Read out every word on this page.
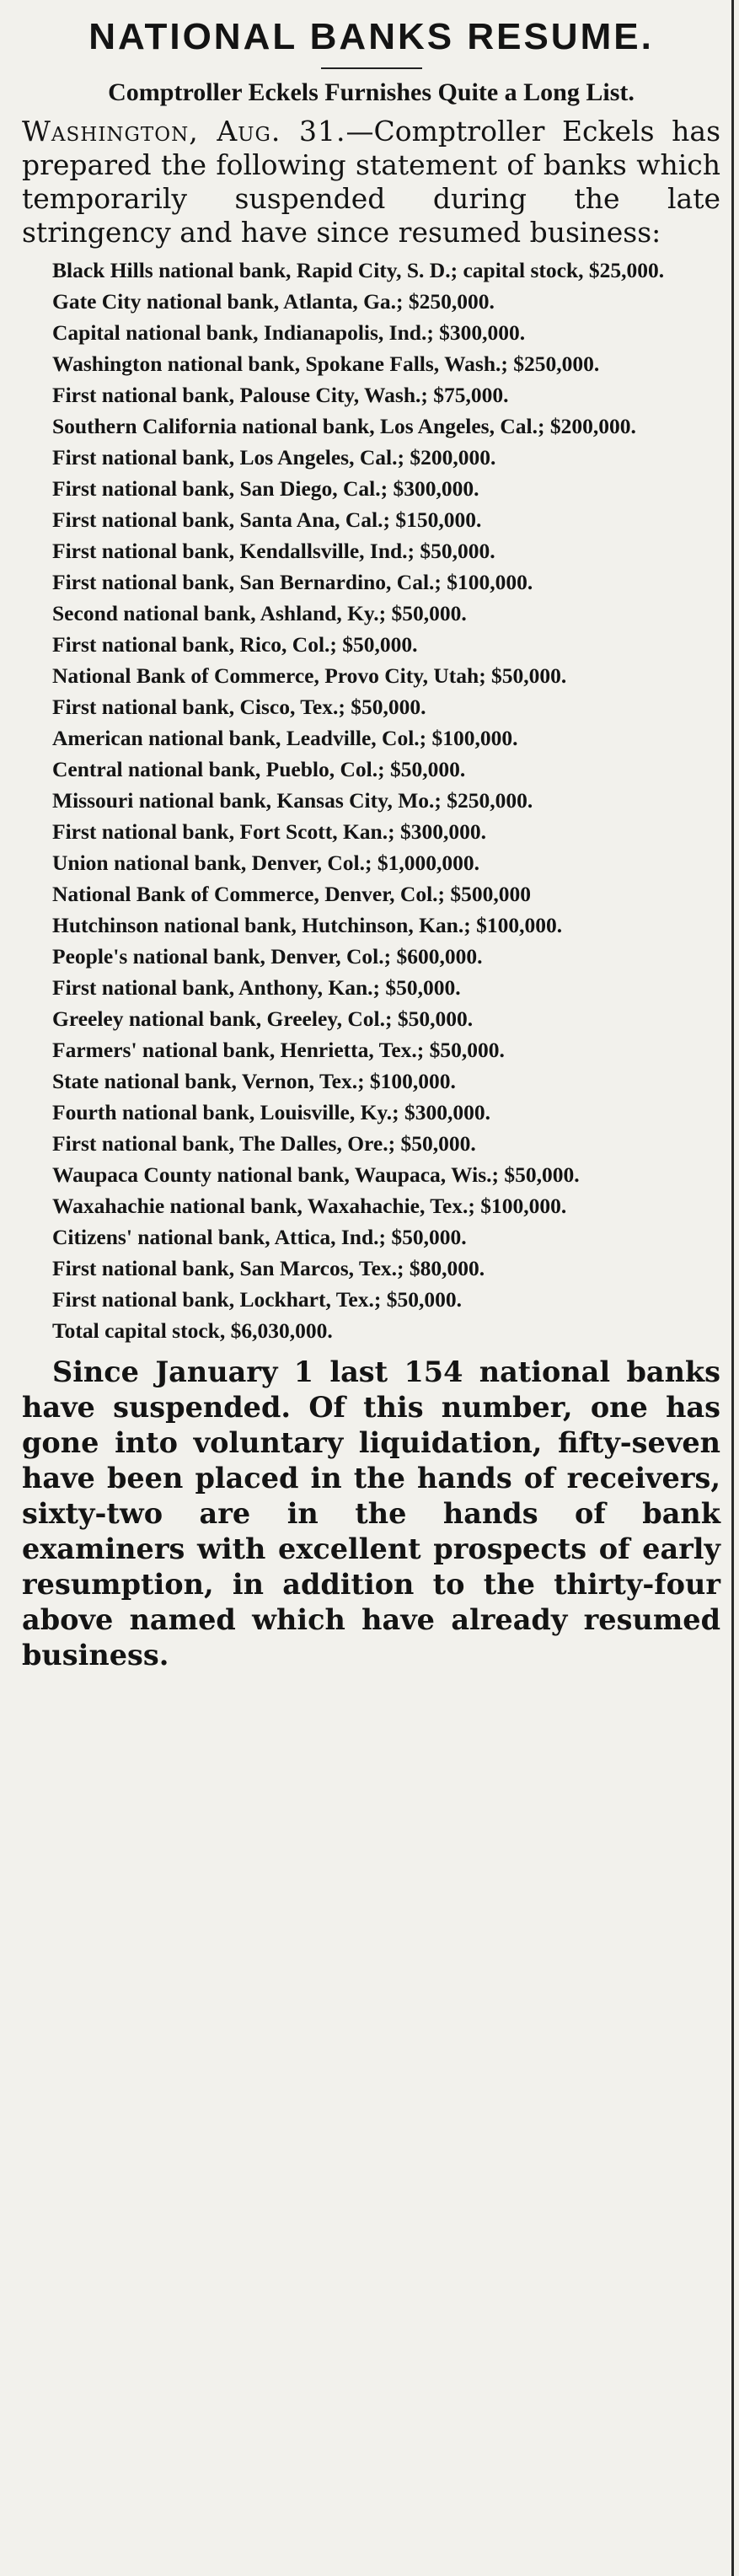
NATIONAL BANKS RESUME.

Comptroller Eckels Furnishes Quite a Long List.

Washington, Aug. 31.—Comptroller Eckels has prepared the following statement of banks which temporarily suspended during the late stringency and have since resumed business:

Black Hills national bank, Rapid City, S. D.; capital stock, $25,000.

Gate City national bank, Atlanta, Ga.; $250,000.

Capital national bank, Indianapolis, Ind.; $300,000.

Washington national bank, Spokane Falls, Wash.; $250,000.

First national bank, Palouse City, Wash.; $75,000.

Southern California national bank, Los Angeles, Cal.; $200,000.

First national bank, Los Angeles, Cal.; $200,000.

First national bank, San Diego, Cal.; $300,000.

First national bank, Santa Ana, Cal.; $150,000.

First national bank, Kendallsville, Ind.; $50,000.

First national bank, San Bernardino, Cal.; $100,000.

Second national bank, Ashland, Ky.; $50,000.

First national bank, Rico, Col.; $50,000.

National Bank of Commerce, Provo City, Utah; $50,000.

First national bank, Cisco, Tex.; $50,000.

American national bank, Leadville, Col.; $100,000.

Central national bank, Pueblo, Col.; $50,000.

Missouri national bank, Kansas City, Mo.; $250,000.

First national bank, Fort Scott, Kan.; $300,000.

Union national bank, Denver, Col.; $1,000,000.

National Bank of Commerce, Denver, Col.; $500,000

Hutchinson national bank, Hutchinson, Kan.; $100,000.

People's national bank, Denver, Col.; $600,000.

First national bank, Anthony, Kan.; $50,000.

Greeley national bank, Greeley, Col.; $50,000.

Farmers' national bank, Henrietta, Tex.; $50,000.

State national bank, Vernon, Tex.; $100,000.

Fourth national bank, Louisville, Ky.; $300,000.

First national bank, The Dalles, Ore.; $50,000.

Waupaca County national bank, Waupaca, Wis.; $50,000.

Waxahachie national bank, Waxahachie, Tex.; $100,000.

Citizens' national bank, Attica, Ind.; $50,000.

First national bank, San Marcos, Tex.; $80,000.

First national bank, Lockhart, Tex.; $50,000.

Total capital stock, $6,030,000.

Since January 1 last 154 national banks have suspended. Of this number, one has gone into voluntary liquidation, fifty-seven have been placed in the hands of receivers, sixty-two are in the hands of bank examiners with excellent prospects of early resumption, in addition to the thirty-four above named which have already resumed business.
